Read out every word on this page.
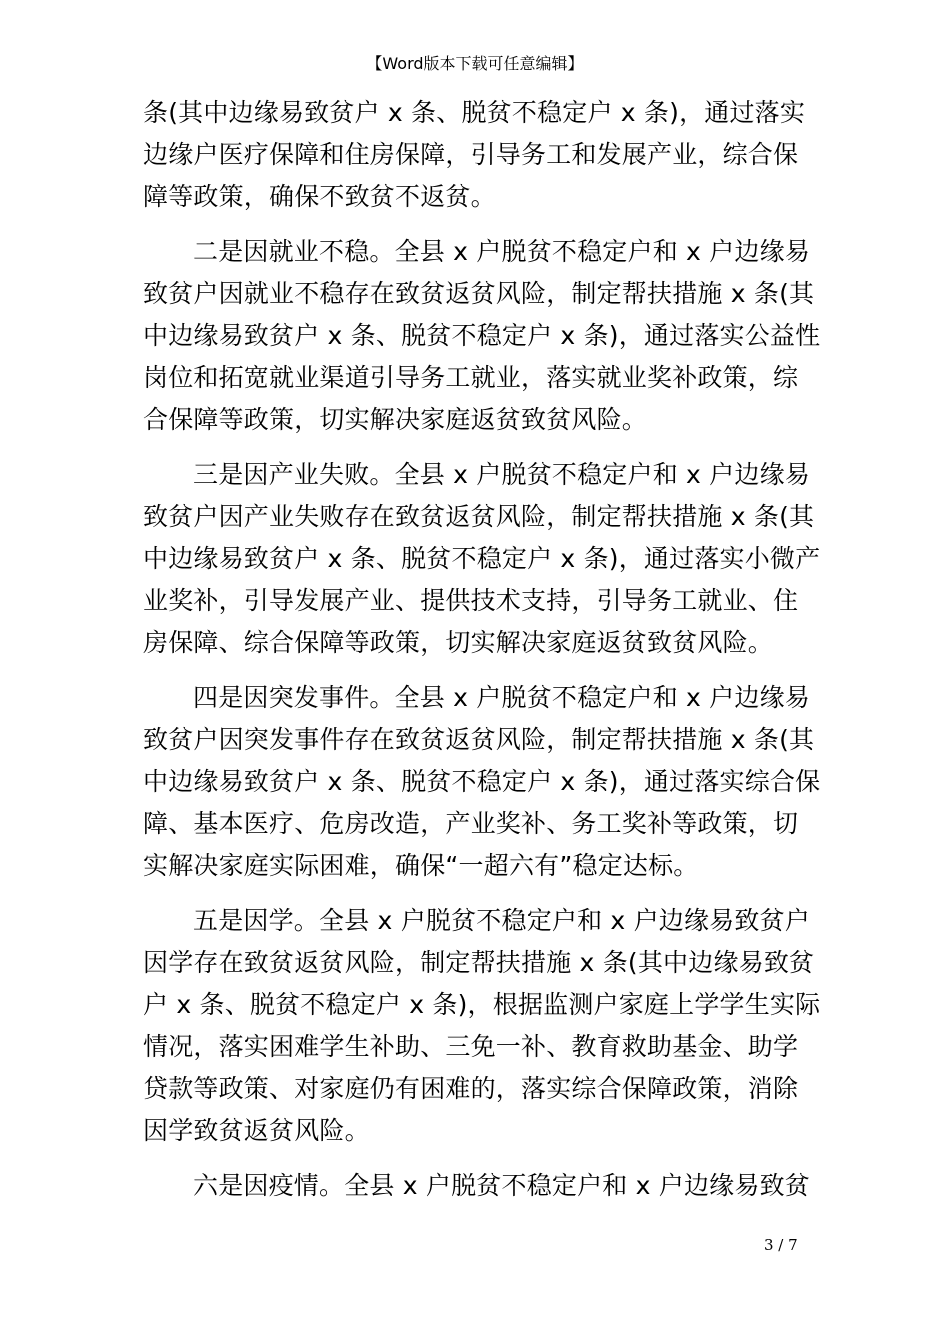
【Word版本下载可任意编辑】
条(其中边缘易致贫户 x 条、脱贫不稳定户 x 条)，通过落实
边缘户医疗保障和住房保障，引导务工和发展产业，综合保
障等政策，确保不致贫不返贫。
二是因就业不稳。全县 x 户脱贫不稳定户和 x 户边缘易
致贫户因就业不稳存在致贫返贫风险，制定帮扶措施 x 条(其
中边缘易致贫户 x 条、脱贫不稳定户 x 条)，通过落实公益性
岗位和拓宽就业渠道引导务工就业，落实就业奖补政策，综
合保障等政策，切实解决家庭返贫致贫风险。
三是因产业失败。全县 x 户脱贫不稳定户和 x 户边缘易
致贫户因产业失败存在致贫返贫风险，制定帮扶措施 x 条(其
中边缘易致贫户 x 条、脱贫不稳定户 x 条)，通过落实小微产
业奖补，引导发展产业、提供技术支持，引导务工就业、住
房保障、综合保障等政策，切实解决家庭返贫致贫风险。
四是因突发事件。全县 x 户脱贫不稳定户和 x 户边缘易
致贫户因突发事件存在致贫返贫风险，制定帮扶措施 x 条(其
中边缘易致贫户 x 条、脱贫不稳定户 x 条)，通过落实综合保
障、基本医疗、危房改造，产业奖补、务工奖补等政策，切
实解决家庭实际困难，确保“一超六有”稳定达标。
五是因学。全县 x 户脱贫不稳定户和 x 户边缘易致贫户
因学存在致贫返贫风险，制定帮扶措施 x 条(其中边缘易致贫
户 x 条、脱贫不稳定户 x 条)，根据监测户家庭上学学生实际
情况，落实困难学生补助、三免一补、教育救助基金、助学
贷款等政策、对家庭仍有困难的，落实综合保障政策，消除
因学致贫返贫风险。
六是因疫情。全县 x 户脱贫不稳定户和 x 户边缘易致贫
3 / 7
